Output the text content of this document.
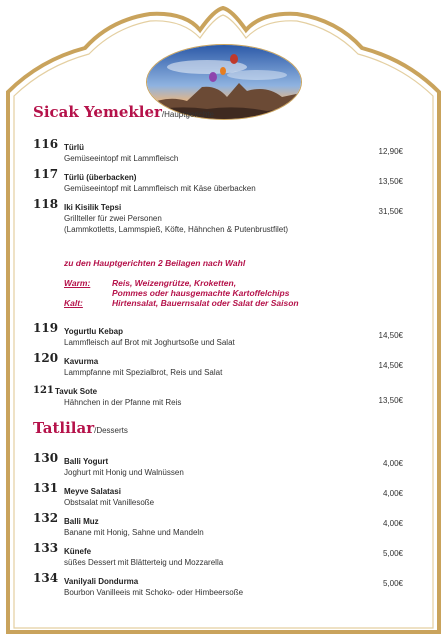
Sicak Yemekler/Hauptgerichte
116 Türlü
Gemüseeintopf mit Lammfleisch
12,90€
117 Türlü (überbacken)
Gemüseeintopf mit Lammfleisch mit Käse überbacken
13,50€
118 Iki Kisilik Tepsi
Grillteller für zwei Personen
(Lammkotletts, Lammspieß, Köfte, Hähnchen & Putenbrustfilet)
31,50€
zu den Hauptgerichten 2 Beilagen nach Wahl
Warm:	Reis, Weizengrütze, Kroketten,
Pommes oder hausgemachte Kartoffelchips
Kalt:	Hirtensalat, Bauernsalat oder Salat der Saison
119 Yogurtlu Kebap
Lammfleisch auf Brot mit Joghurtsoße und Salat
14,50€
120 Kavurma
Lammpfanne mit Spezialbrot, Reis und Salat
14,50€
121 Tavuk Sote
Hähnchen in der Pfanne mit Reis	13,50€
Tatlilar/Desserts
130 Balli Yogurt
Joghurt mit Honig und Walnüssen
4,00€
131 Meyve Salatasi
Obstsalat mit Vanillesoße
4,00€
132 Balli Muz
Banane mit Honig, Sahne und Mandeln
4,00€
133 Künefe
süßes Dessert mit Blätterteig und Mozzarella
5,00€
134 Vanilyali Dondurma
Bourbon Vanilleeis mit Schoko- oder Himbeersoße
5,00€
